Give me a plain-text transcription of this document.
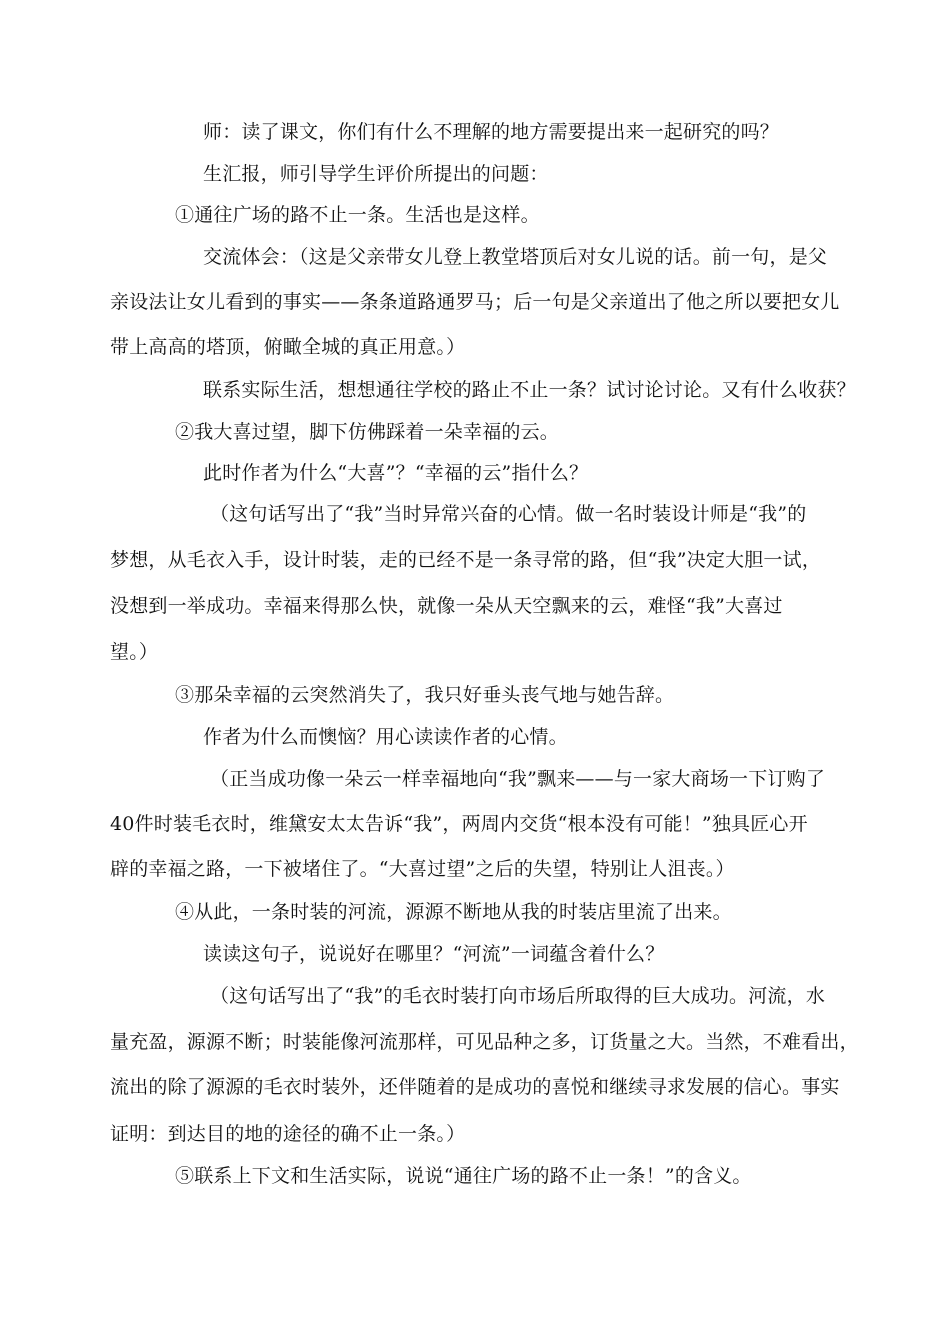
师：读了课文，你们有什么不理解的地方需要提出来一起研究的吗？
生汇报，师引导学生评价所提出的问题：
①通往广场的路不止一条。生活也是这样。
交流体会：（这是父亲带女儿登上教堂塔顶后对女儿说的话。前一句，是父
亲设法让女儿看到的事实——条条道路通罗马；后一句是父亲道出了他之所以要把女儿
带上高高的塔顶，俯瞰全城的真正用意。）
联系实际生活，想想通往学校的路止不止一条？试讨论讨论。又有什么收获？
②我大喜过望，脚下仿佛踩着一朵幸福的云。
此时作者为什么“大喜”？“幸福的云”指什么？
（这句话写出了“我”当时异常兴奋的心情。做一名时装设计师是“我”的
梦想，从毛衣入手，设计时装，走的已经不是一条寻常的路，但“我”决定大胆一试，
没想到一举成功。幸福来得那么快，就像一朵从天空飘来的云，难怪“我”大喜过
望。）
③那朵幸福的云突然消失了，我只好垂头丧气地与她告辞。
作者为什么而懊恼？用心读读作者的心情。
（正当成功像一朵云一样幸福地向“我”飘来——与一家大商场一下订购了
40件时装毛衣时，维黛安太太告诉“我”，两周内交货“根本没有可能！”独具匠心开
辟的幸福之路，一下被堵住了。“大喜过望”之后的失望，特别让人沮丧。）
④从此，一条时装的河流，源源不断地从我的时装店里流了出来。
读读这句子，说说好在哪里？“河流”一词蕴含着什么？
（这句话写出了“我”的毛衣时装打向市场后所取得的巨大成功。河流，水
量充盈，源源不断；时装能像河流那样，可见品种之多，订货量之大。当然，不难看出，
流出的除了源源的毛衣时装外，还伴随着的是成功的喜悦和继续寻求发展的信心。事实
证明：到达目的地的途径的确不止一条。）
⑤联系上下文和生活实际，说说“通往广场的路不止一条！”的含义。
